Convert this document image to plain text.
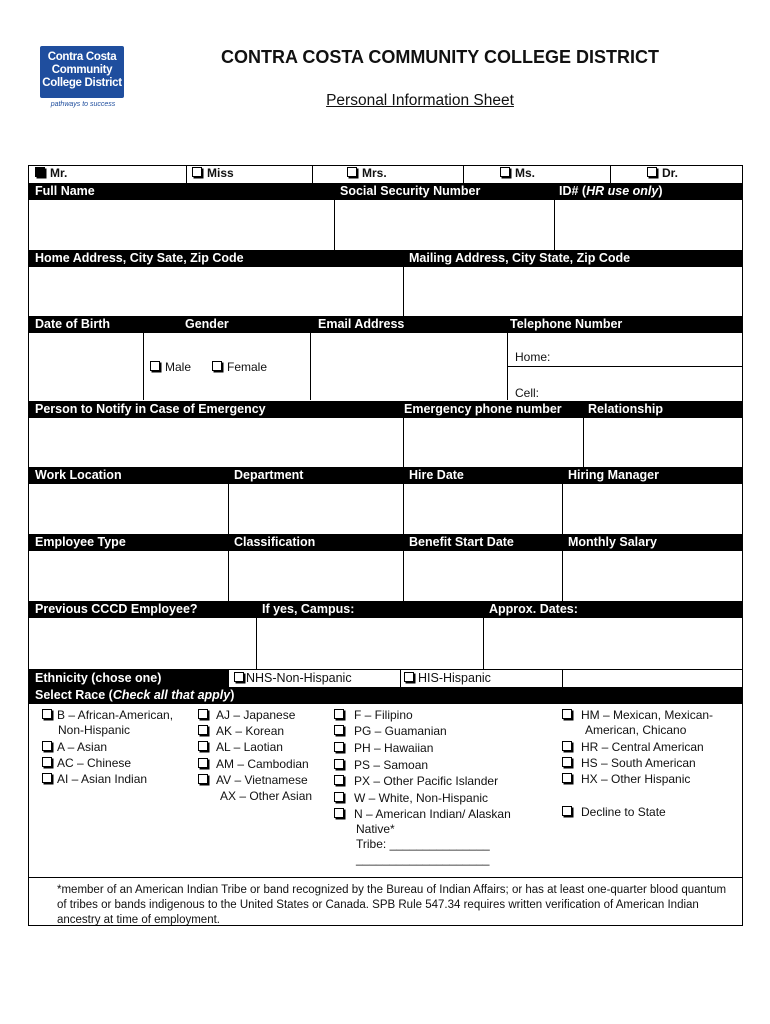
Contra Costa
Community
College District
pathways to success
CONTRA COSTA COMMUNITY COLLEGE DISTRICT
Personal Information Sheet
Mr.	Miss	Mrs.	Ms.	Dr.
Full Name	Social Security Number	ID# (HR use only)
Home Address, City Sate, Zip Code	Mailing Address, City State, Zip Code
Date of Birth	Gender	Email Address	Telephone Number
Male	Female
Home:
Cell:
Person to Notify in Case of Emergency	Emergency phone number Relationship
Work Location	Department	Hire Date	Hiring Manager
Employee Type	Classification	Benefit Start Date	Monthly Salary
Previous CCCD Employee?	If yes, Campus:	Approx. Dates:
Ethnicity (chose one)	NHS-Non-Hispanic	HIS-Hispanic
Select Race (Check all that apply)
B – African-American,
Non-Hispanic
A – Asian
AC – Chinese
AI – Asian Indian
AJ – Japanese
AK – Korean
AL – Laotian
AM – Cambodian
AV – Vietnamese
AX – Other Asian
F – Filipino
PG – Guamanian
PH – Hawaiian
PS – Samoan
PX – Other Pacific Islander
W – White, Non-Hispanic
N – American Indian/ Alaskan
Native*
Tribe: _______________
____________________
HM – Mexican, Mexican-
American, Chicano
HR – Central American
HS – South American
HX – Other Hispanic
Decline to State
*member of an American Indian Tribe or band recognized by the Bureau of Indian Affairs; or has at least one-quarter blood quantum of tribes or bands indigenous to the United States or Canada. SPB Rule 547.34 requires written verification of American Indian ancestry at time of employment.
